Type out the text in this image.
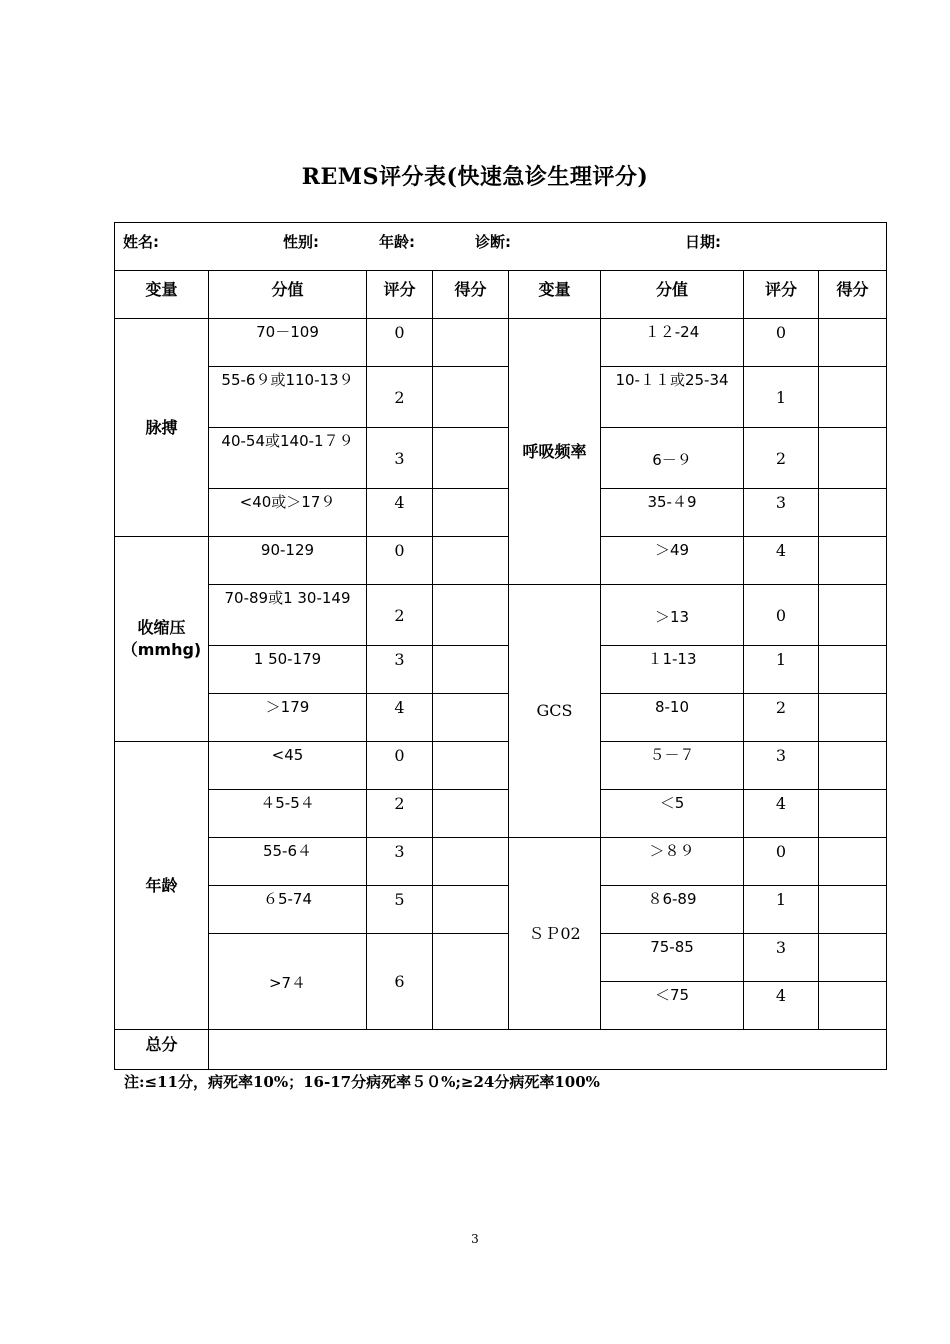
REMS评分表(快速急诊生理评分)
姓名: 性别: 年龄: 诊断: 日期:							

变量	分值	评分	得分	变量	分值	评分	得分

脉搏	70－109	0		呼吸频率	１２-24	0	
	55-6９或110-13９	2			10-１１或25-34	1	
	40-54或140-1７９	3			6－９	2	
	<40或＞17９	4			35-４9	3	
收缩压（mmhg)	90-129	0			＞49	4	
	70-89或1 30-149	2		GCS	＞13	0	
	1 50-179	3			１1-13	1	
	＞179	4			8-10	2	
年龄	<45	0			５－７	3	
	４5-5４	2			＜5	4	
	55-6４	3		ＳＰ02	＞８９	0	
	６5-74	5			８6-89	1	
	>7４	6			75-85	3	
					＜75	4	

总分							

注:≤11分，病死率10%；16-17分病死率５０%;≥24分病死率100%
3
